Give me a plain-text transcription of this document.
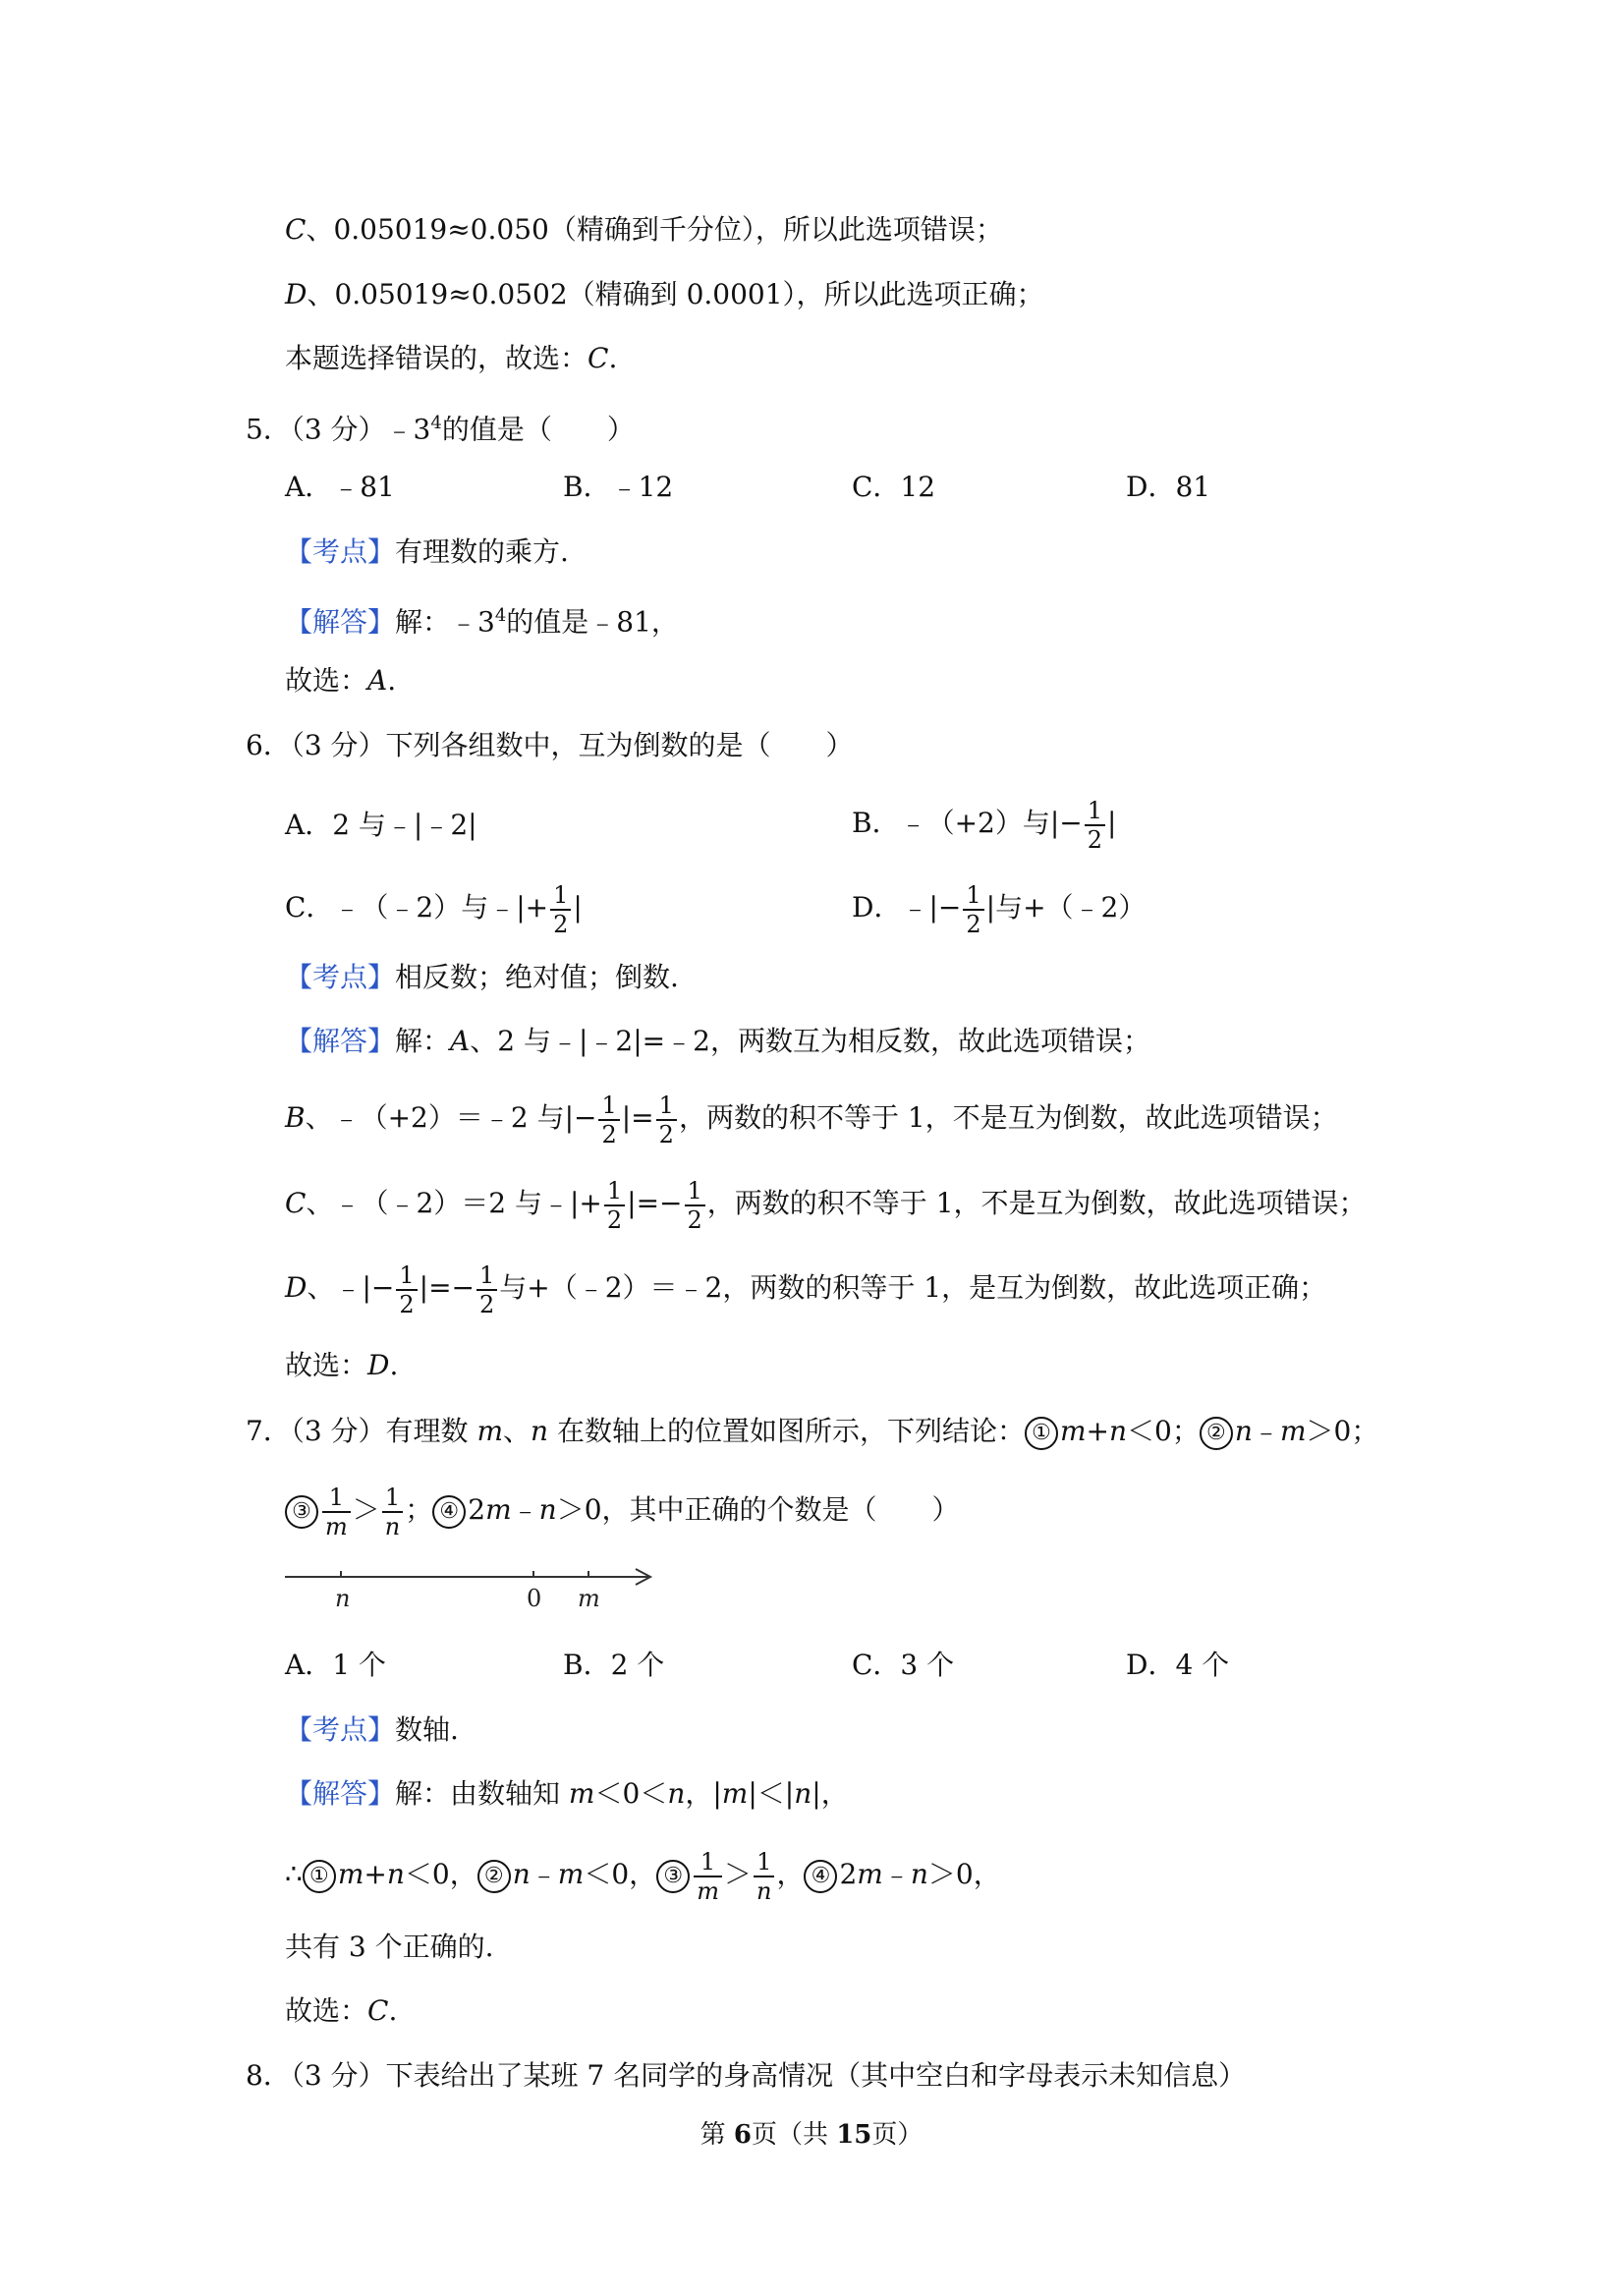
C、0.05019≈0.050（精确到千分位），所以此选项错误；
D、0.05019≈0.0502（精确到 0.0001），所以此选项正确；
本题选择错误的，故选：C.
5．（3 分）$﹣3^4$的值是（　　）
A．﹣81	B．﹣12	C．12	D．81
【考点】有理数的乘方.
【解答】解：$﹣3^4$的值是﹣81，
故选：A.
6．（3 分）下列各组数中，互为倒数的是（　　）
A．2 与﹣|﹣2|	B．﹣（+2）与|− $\frac{1}{2}$ |
C．﹣（﹣2）与﹣|+ $\frac{1}{2}$ |	D．﹣|− $\frac{1}{2}$ |与+（﹣2）
【考点】相反数；绝对值；倒数.
【解答】解：A、2 与﹣|﹣2|=﹣2，两数互为相反数，故此选项错误；
B、﹣（+2）＝﹣2 与|− $\frac{1}{2}$ |= $\frac{1}{2}$ ，两数的积不等于 1，不是互为倒数，故此选项错误；
C、﹣（﹣2）＝2 与﹣|+ $\frac{1}{2}$ |=− $\frac{1}{2}$ ，两数的积不等于 1，不是互为倒数，故此选项错误；
D、﹣|− $\frac{1}{2}$ |=− $\frac{1}{2}$ 与+（﹣2）＝﹣2，两数的积等于 1，是互为倒数，故此选项正确；
故选：D.
7．（3 分）有理数 m、n 在数轴上的位置如图所示，下列结论： ① m+n＜0； ② n﹣m＞0；
③ $\frac{1}{m} > \frac{1}{n}$ ； ④ 2m﹣n＞0，其中正确的个数是（　　）
n	0 m
A．1 个	B．2 个	C．3 个	D．4 个
【考点】数轴.
【解答】解：由数轴知 m＜0＜n，|m|＜|n|，
∴ ① m+n＜0， ② n﹣m＜0， ③ $\frac{1}{m} > \frac{1}{n}$ ， ④ 2m﹣n＞0，
共有 3 个正确的.
故选：C.
8．（3 分）下表给出了某班 7 名同学的身高情况（其中空白和字母表示未知信息）
第 6页（共 15页）
